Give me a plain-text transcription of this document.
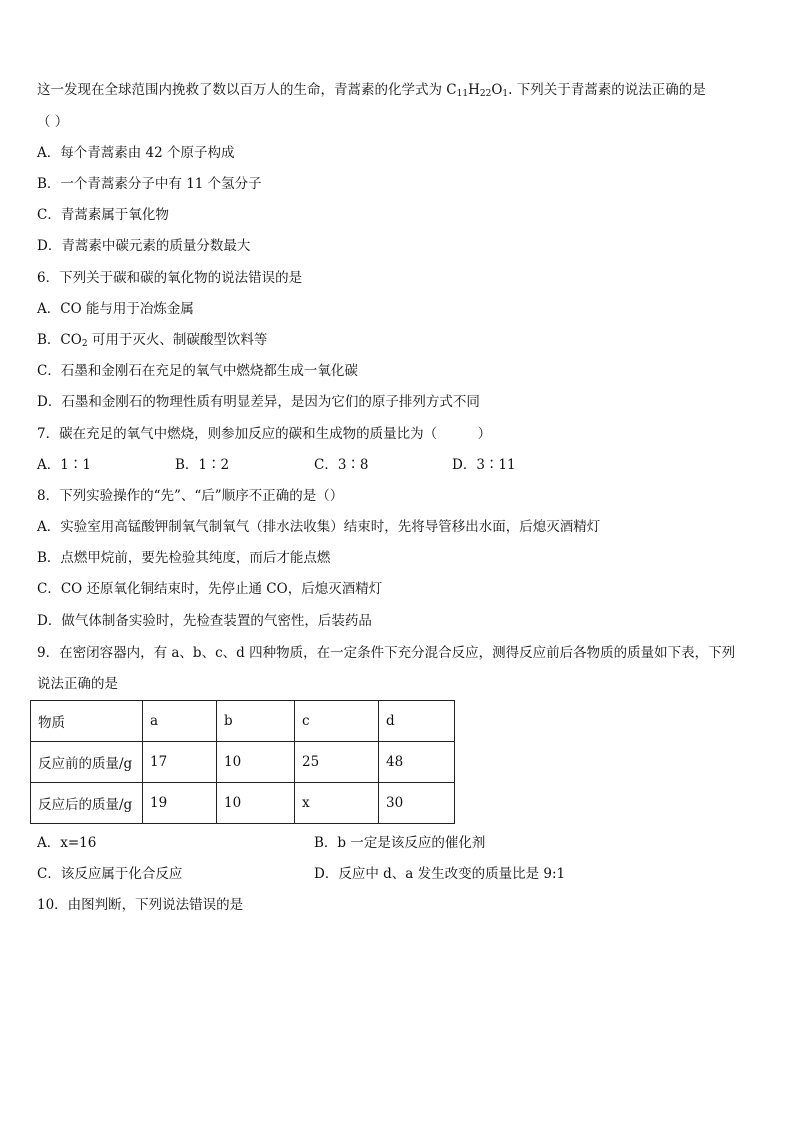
这一发现在全球范围内挽救了数以百万人的生命，青蒿素的化学式为 $C_{11}H_{22}O_1$. 下列关于青蒿素的说法正确的是
（ ）
A．每个青蒿素由 42 个原子构成
B．一个青蒿素分子中有 11 个氢分子
C．青蒿素属于氧化物
D．青蒿素中碳元素的质量分数最大
6．下列关于碳和碳的氧化物的说法错误的是
A．CO 能与用于冶炼金属
B．$CO_2$ 可用于灭火、制碳酸型饮料等
C．石墨和金刚石在充足的氧气中燃烧都生成一氧化碳
D．石墨和金刚石的物理性质有明显差异，是因为它们的原子排列方式不同
7．碳在充足的氧气中燃烧，则参加反应的碳和生成物的质量比为（　　　）
A．1∶1	B．1∶2	C．3∶8	D．3∶11
8．下列实验操作的“先”、“后”顺序不正确的是（）
A．实验室用高锰酸钾制氧气制氧气（排水法收集）结束时，先将导管移出水面，后熄灭酒精灯
B．点燃甲烷前，要先检验其纯度，而后才能点燃
C．CO 还原氧化铜结束时，先停止通 CO，后熄灭酒精灯
D．做气体制备实验时，先检查装置的气密性，后装药品
9．在密闭容器内，有 a、b、c、d 四种物质，在一定条件下充分混合反应，测得反应前后各物质的质量如下表，下列
说法正确的是
物质	a	b	c	d
反应前的质量/g	17	10	25	48
反应后的质量/g	19	10	x	30
A．x=16	B．b 一定是该反应的催化剂
C．该反应属于化合反应	D．反应中 d、a 发生改变的质量比是 9:1
10．由图判断，下列说法错误的是
